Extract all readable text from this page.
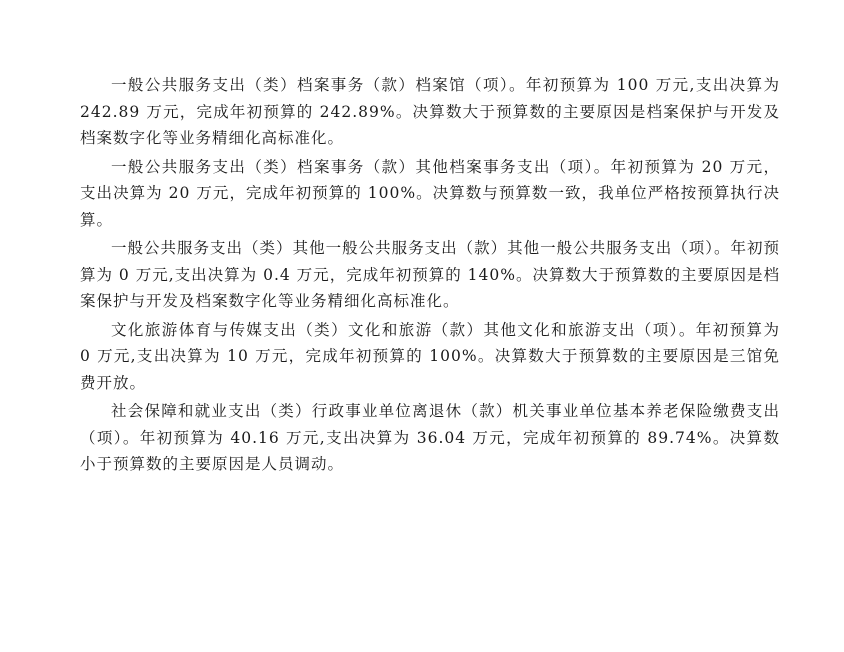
一般公共服务支出（类）档案事务（款）档案馆（项）。年初预算为 100 万元,支出决算为 242.89 万元，完成年初预算的 242.89%。决算数大于预算数的主要原因是档案保护与开发及档案数字化等业务精细化高标准化。

一般公共服务支出（类）档案事务（款）其他档案事务支出（项）。年初预算为 20 万元，支出决算为 20 万元，完成年初预算的 100%。决算数与预算数一致，我单位严格按预算执行决算。

一般公共服务支出（类）其他一般公共服务支出（款）其他一般公共服务支出（项）。年初预算为 0 万元,支出决算为 0.4 万元，完成年初预算的 140%。决算数大于预算数的主要原因是档案保护与开发及档案数字化等业务精细化高标准化。

文化旅游体育与传媒支出（类）文化和旅游（款）其他文化和旅游支出（项）。年初预算为 0 万元,支出决算为 10 万元，完成年初预算的 100%。决算数大于预算数的主要原因是三馆免费开放。

社会保障和就业支出（类）行政事业单位离退休（款）机关事业单位基本养老保险缴费支出（项）。年初预算为 40.16 万元,支出决算为 36.04 万元，完成年初预算的 89.74%。决算数小于预算数的主要原因是人员调动。
